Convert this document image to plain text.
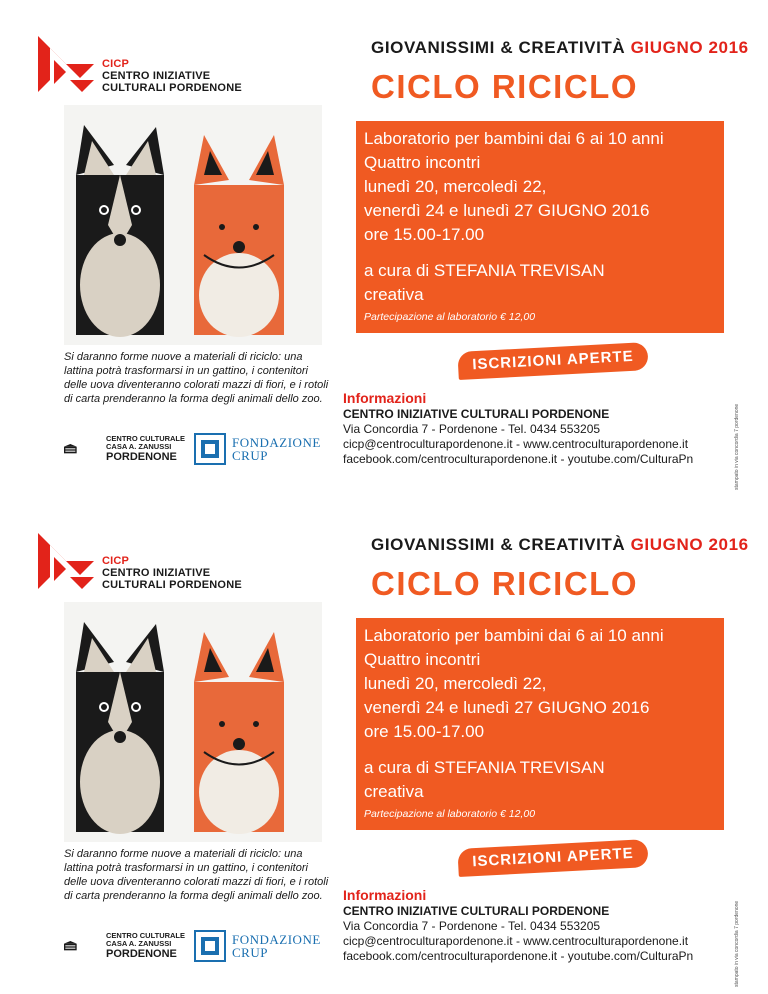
CICP
CENTRO INIZIATIVE
CULTURALI PORDENONE
GIOVANISSIMI & CREATIVITÀ GIUGNO 2016
CICLO RICICLO
Laboratorio per bambini dai 6 ai 10 anni
Quattro incontri
lunedì 20, mercoledì 22,
venerdì 24 e lunedì 27 GIUGNO 2016
ore 15.00-17.00
a cura di STEFANIA TREVISAN
creativa
Partecipazione al laboratorio € 12,00
Si daranno forme nuove a materiali di riciclo: una lattina potrà trasformarsi in un gattino, i contenitori delle uova diventeranno colorati mazzi di fiori, e i rotoli di carta prenderanno la forma degli animali dello zoo.
ISCRIZIONI APERTE
Informazioni
CENTRO INIZIATIVE CULTURALI PORDENONE
Via Concordia 7 - Pordenone - Tel. 0434 553205
cicp@centroculturapordenone.it - www.centroculturapordenone.it
facebook.com/centroculturapordenone.it - youtube.com/CulturaPn
CENTRO CULTURALE
CASA A. ZANUSSI
PORDENONE
FONDAZIONE
CRUP	stampato in via concordia 7 pordenone
CICP
CENTRO INIZIATIVE
CULTURALI PORDENONE
GIOVANISSIMI & CREATIVITÀ GIUGNO 2016
CICLO RICICLO
Laboratorio per bambini dai 6 ai 10 anni
Quattro incontri
lunedì 20, mercoledì 22,
venerdì 24 e lunedì 27 GIUGNO 2016
ore 15.00-17.00
a cura di STEFANIA TREVISAN
creativa
Partecipazione al laboratorio € 12,00
Si daranno forme nuove a materiali di riciclo: una lattina potrà trasformarsi in un gattino, i contenitori delle uova diventeranno colorati mazzi di fiori, e i rotoli di carta prenderanno la forma degli animali dello zoo.
ISCRIZIONI APERTE
Informazioni
CENTRO INIZIATIVE CULTURALI PORDENONE
Via Concordia 7 - Pordenone - Tel. 0434 553205
cicp@centroculturapordenone.it - www.centroculturapordenone.it
facebook.com/centroculturapordenone.it - youtube.com/CulturaPn
CENTRO CULTURALE
CASA A. ZANUSSI
PORDENONE
FONDAZIONE
CRUP	stampato in via concordia 7 pordenone
